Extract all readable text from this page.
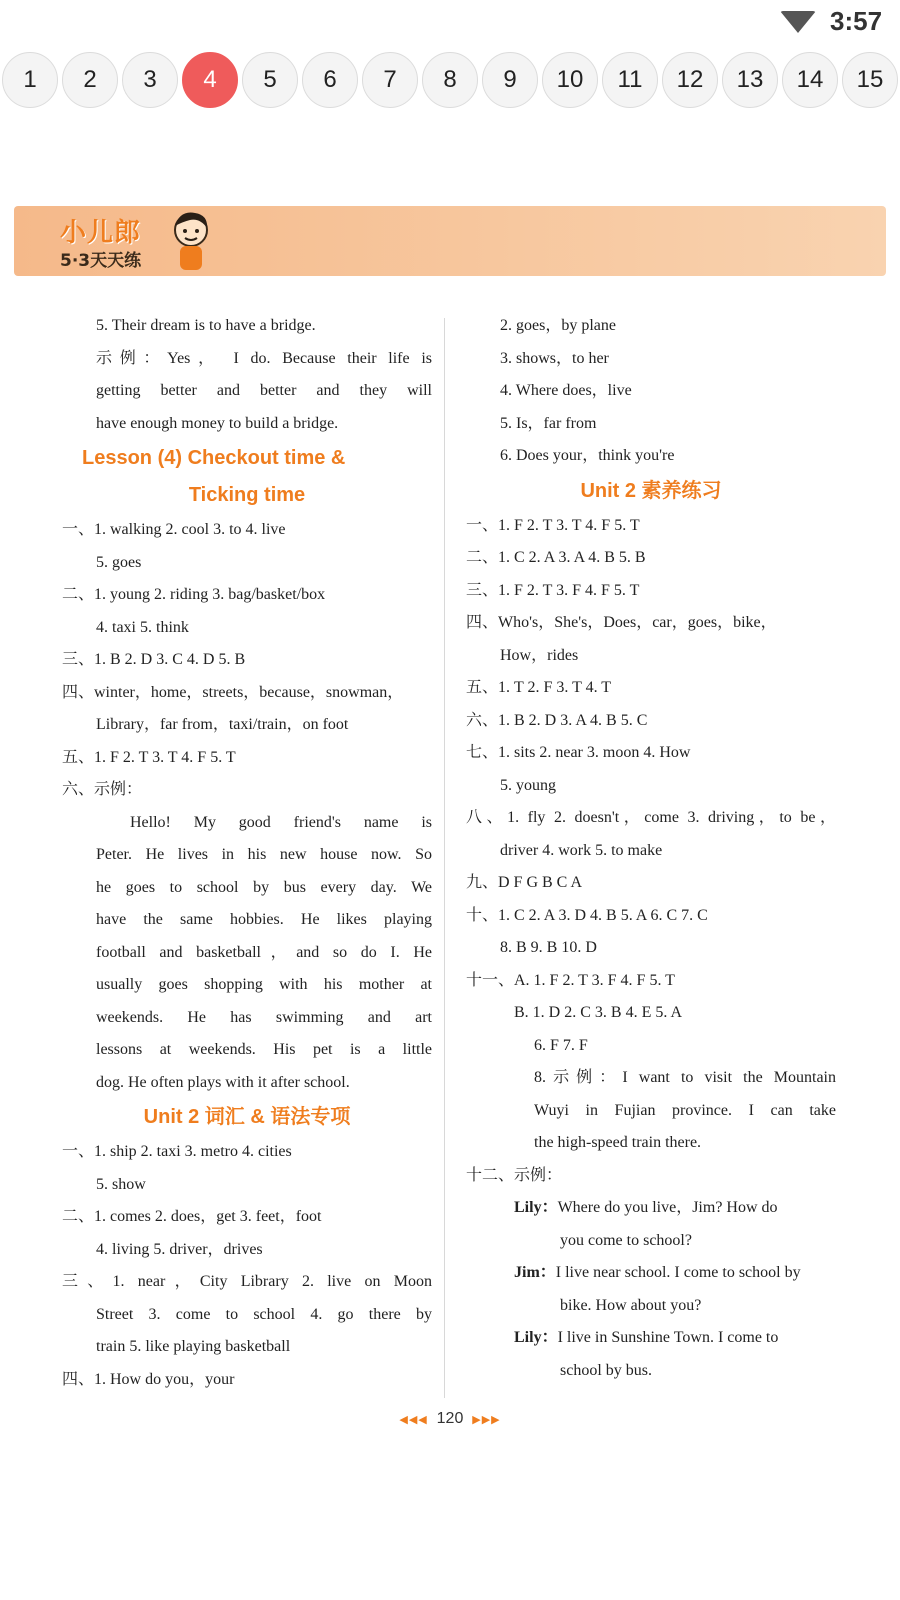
3:57
1	2	3	4	5	6	7	8	9	10	11	12	13	14	15
小儿郎
5·3天天练
5. Their dream is to have a bridge.
示例：Yes， I do. Because their life is
getting better and better and they will
have enough money to build a bridge.
Lesson (4) Checkout time &
Ticking time
一、1. walking 2. cool 3. to 4. live
5. goes
二、1. young 2. riding 3. bag/basket/box
4. taxi 5. think
三、1. B 2. D 3. C 4. D 5. B
四、winter，home，streets，because，snowman，
Library，far from，taxi/train，on foot
五、1. F 2. T 3. T 4. F 5. T
六、示例：
Hello! My good friend's name is
Peter. He lives in his new house now. So
he goes to school by bus every day. We
have the same hobbies. He likes playing
football and basketball，and so do I. He
usually goes shopping with his mother at
weekends. He has swimming and art
lessons at weekends. His pet is a little
dog. He often plays with it after school.
Unit 2 词汇 & 语法专项
一、1. ship 2. taxi 3. metro 4. cities
5. show
二、1. comes 2. does，get 3. feet，foot
4. living 5. driver，drives
三、1. near，City Library 2. live on Moon
Street 3. come to school 4. go there by
train 5. like playing basketball
四、1. How do you，your
2. goes，by plane
3. shows，to her
4. Where does，live
5. Is，far from
6. Does your，think you're
Unit 2 素养练习
一、1. F 2. T 3. T 4. F 5. T
二、1. C 2. A 3. A 4. B 5. B
三、1. F 2. T 3. F 4. F 5. T
四、Who's，She's，Does，car，goes，bike，
How，rides
五、1. T 2. F 3. T 4. T
六、1. B 2. D 3. A 4. B 5. C
七、1. sits 2. near 3. moon 4. How
5. young
八、1. fly 2. doesn't，come 3. driving，to be，
driver 4. work 5. to make
九、D F G B C A
十、1. C 2. A 3. D 4. B 5. A 6. C 7. C
8. B 9. B 10. D
十一、A. 1. F 2. T 3. F 4. F 5. T
B. 1. D 2. C 3. B 4. E 5. A
6. F 7. F
8.示例：I want to visit the Mountain
Wuyi in Fujian province. I can take
the high-speed train there.
十二、示例：
Lily：Where do you live，Jim? How do
you come to school?
Jim：I live near school. I come to school by
bike. How about you?
Lily：I live in Sunshine Town. I come to
school by bus.
◀◀◀ 120 ▶▶▶
